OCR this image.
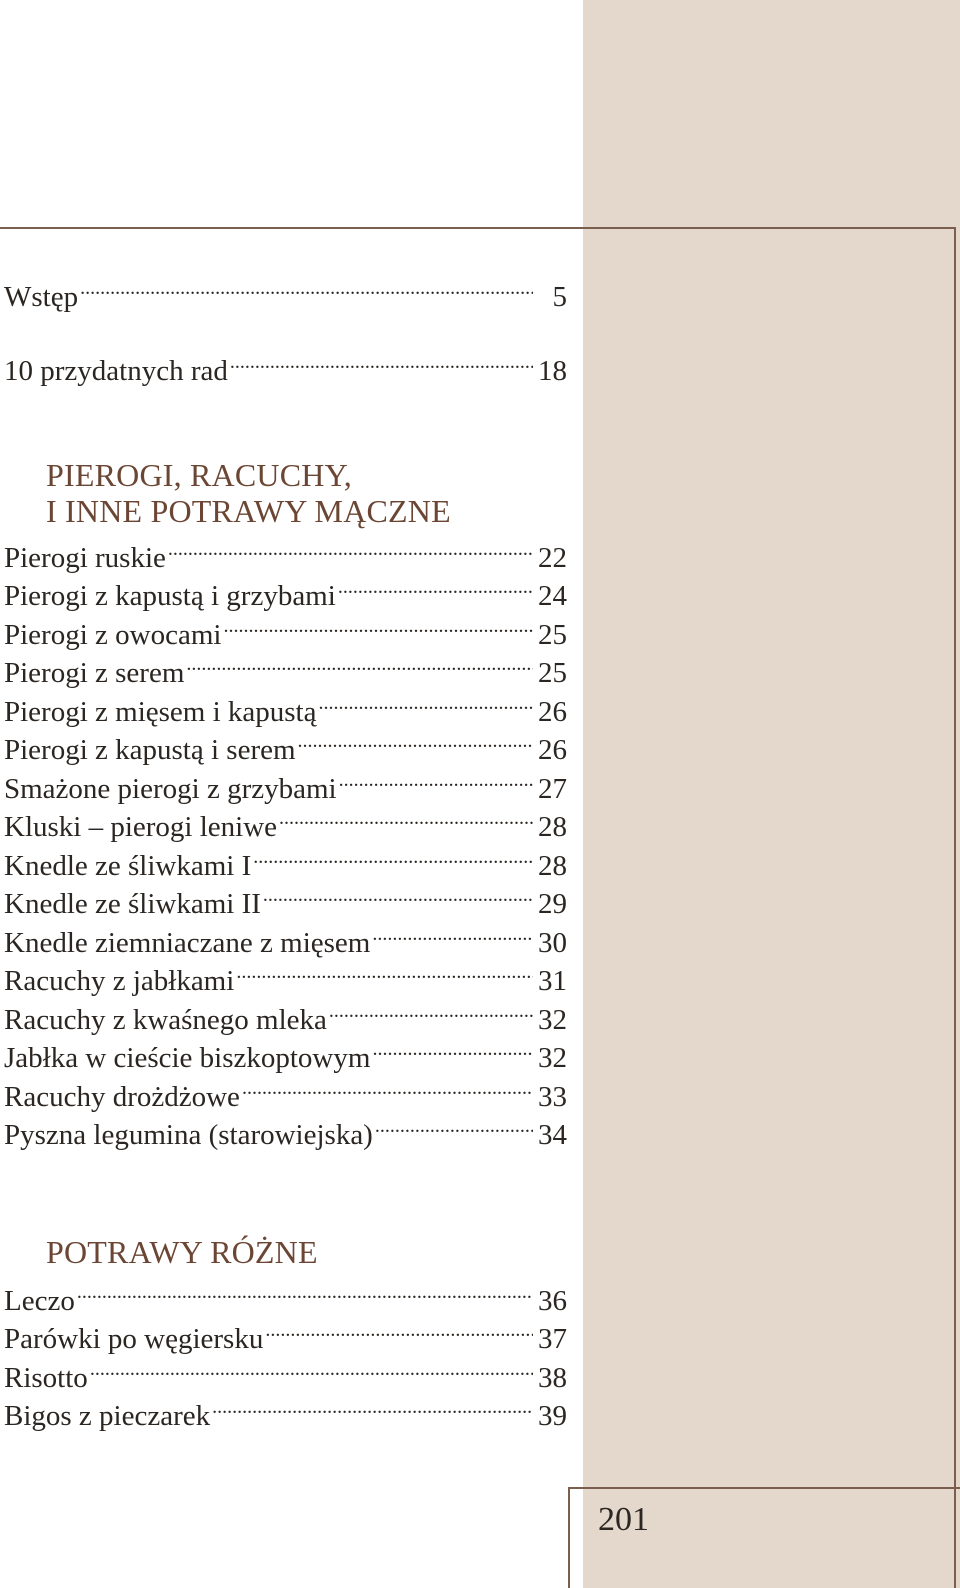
201
Wstęp .....	5
10 przydatnych rad .....	18
PIEROGI, RACUCHY,
I INNE POTRAWY MĄCZNE
Pierogi ruskie .....	22
Pierogi z kapustą i grzybami .....	24
Pierogi z owocami .....	25
Pierogi z serem .....	25
Pierogi z mięsem i kapustą .....	26
Pierogi z kapustą i serem .....	26
Smażone pierogi z grzybami .....	27
Kluski – pierogi leniwe .....	28
Knedle ze śliwkami I .....	28
Knedle ze śliwkami II .....	29
Knedle ziemniaczane z mięsem .....	30
Racuchy z jabłkami .....	31
Racuchy z kwaśnego mleka .....	32
Jabłka w cieście biszkoptowym .....	32
Racuchy drożdżowe .....	33
Pyszna legumina (starowiejska) .....	34
POTRAWY RÓŻNE
Leczo .....	36
Parówki po węgiersku .....	37
Risotto .....	38
Bigos z pieczarek .....	39
